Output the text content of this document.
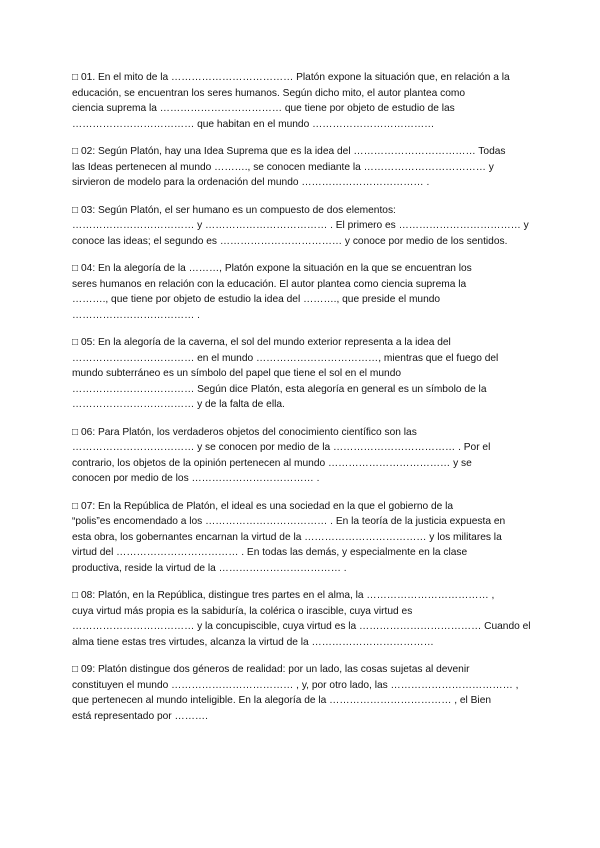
□ 01. En el mito de la ……………………………… Platón expone la situación que, en relación a la
educación, se encuentran los seres humanos. Según dicho mito, el autor plantea como
ciencia suprema la ……………………………… que tiene por objeto de estudio de las
……………………………… que habitan en el mundo ………………………………

□ 02: Según Platón, hay una Idea Suprema que es la idea del ……………………………… Todas
las Ideas pertenecen al mundo ………., se conocen mediante la ……………………………… y
sirvieron de modelo para la ordenación del mundo ……………………………… .

□ 03: Según Platón, el ser humano es un compuesto de dos elementos:
……………………………… y ……………………………… . El primero es ……………………………… y
conoce las ideas; el segundo es ……………………………… y conoce por medio de los sentidos.

□ 04: En la alegoría de la ………, Platón expone la situación en la que se encuentran los
seres humanos en relación con la educación. El autor plantea como ciencia suprema la
………., que tiene por objeto de estudio la idea del ………., que preside el mundo
……………………………… .

□ 05: En la alegoría de la caverna, el sol del mundo exterior representa a la idea del
……………………………… en el mundo ………………………………, mientras que el fuego del
mundo subterráneo es un símbolo del papel que tiene el sol en el mundo
……………………………… Según dice Platón, esta alegoría en general es un símbolo de la
……………………………… y de la falta de ella.

□ 06: Para Platón, los verdaderos objetos del conocimiento científico son las
……………………………… y se conocen por medio de la ……………………………… . Por el
contrario, los objetos de la opinión pertenecen al mundo ……………………………… y se
conocen por medio de los ……………………………… .

□ 07: En la República de Platón, el ideal es una sociedad en la que el gobierno de la
“polis”es encomendado a los ……………………………… . En la teoría de la justicia expuesta en
esta obra, los gobernantes encarnan la virtud de la ……………………………… y los militares la
virtud del ……………………………… . En todas las demás, y especialmente en la clase
productiva, reside la virtud de la ……………………………… .

□ 08: Platón, en la República, distingue tres partes en el alma, la ……………………………… ,
cuya virtud más propia es la sabiduría, la colérica o irascible, cuya virtud es
……………………………… y la concupiscible, cuya virtud es la ……………………………… Cuando el
alma tiene estas tres virtudes, alcanza la virtud de la ………………………………

□ 09: Platón distingue dos géneros de realidad: por un lado, las cosas sujetas al devenir
constituyen el mundo ……………………………… , y, por otro lado, las ……………………………… ,
que pertenecen al mundo inteligible. En la alegoría de la ……………………………… , el Bien
está representado por ……….
